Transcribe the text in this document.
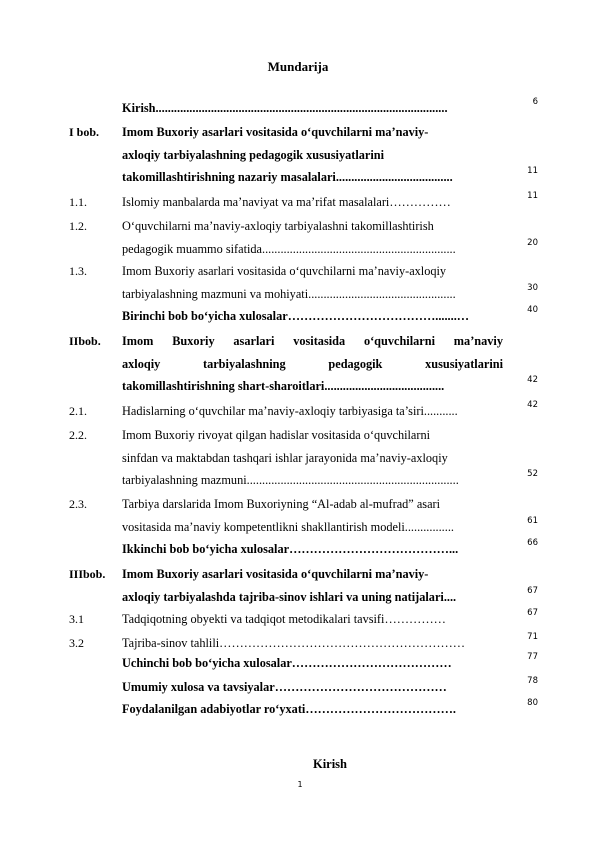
Mundarija
Kirish...............................................................................................	6
I bob. Imom Buxoriy asarlari vositasida o‘quvchilarni ma’naviy-
axloqiy tarbiyalashning pedagogik xususiyatlarini
takomillashtirishning nazariy masalalari......................................	11
1.1.	Islomiy manbalarda ma’naviyat va ma’rifat masalalari……………	11
1.2.	O‘quvchilarni ma’naviy-axloqiy tarbiyalashni takomillashtirish
pedagogik muammo sifatida...............................................................	20
1.3.	Imom Buxoriy asarlari vositasida o‘quvchilarni ma’naviy-axloqiy
tarbiyalashning mazmuni va mohiyati................................................	30
Birinchi bob bo‘yicha xulosalar……………………………….......…	40
IIbob. Imom Buxoriy asarlari vositasida o‘quvchilarni ma’naviy
axloqiy tarbiyalashning pedagogik xususiyatlarini
takomillashtirishning shart-sharoitlari.......................................	42
2.1.	Hadislarning o‘quvchilar ma’naviy-axloqiy tarbiyasiga ta’siri...........	42
2.2.	Imom Buxoriy rivoyat qilgan hadislar vositasida o‘quvchilarni
sinfdan va maktabdan tashqari ishlar jarayonida ma’naviy-axloqiy
tarbiyalashning mazmuni.....................................................................	52
2.3.	Tarbiya darslarida Imom Buxoriyning “Al-adab al-mufrad” asari
vositasida ma’naviy kompetentlikni shakllantirish modeli................	61
Ikkinchi bob bo‘yicha xulosalar…………………………………...	66
IIIbob. Imom Buxoriy asarlari vositasida o‘quvchilarni ma’naviy-
axloqiy tarbiyalashda tajriba-sinov ishlari va uning natijalari....	67
3.1	Tadqiqotning obyekti va tadqiqot metodikalari tavsifi……………	67
3.2	Tajriba-sinov tahlili……………………………………………………	71
Uchinchi bob bo‘yicha xulosalar…………………………………	77
Umumiy xulosa va tavsiyalar……………………………………	78
Foydalanilgan adabiyotlar ro‘yxati……………………………….	80
Kirish
1
